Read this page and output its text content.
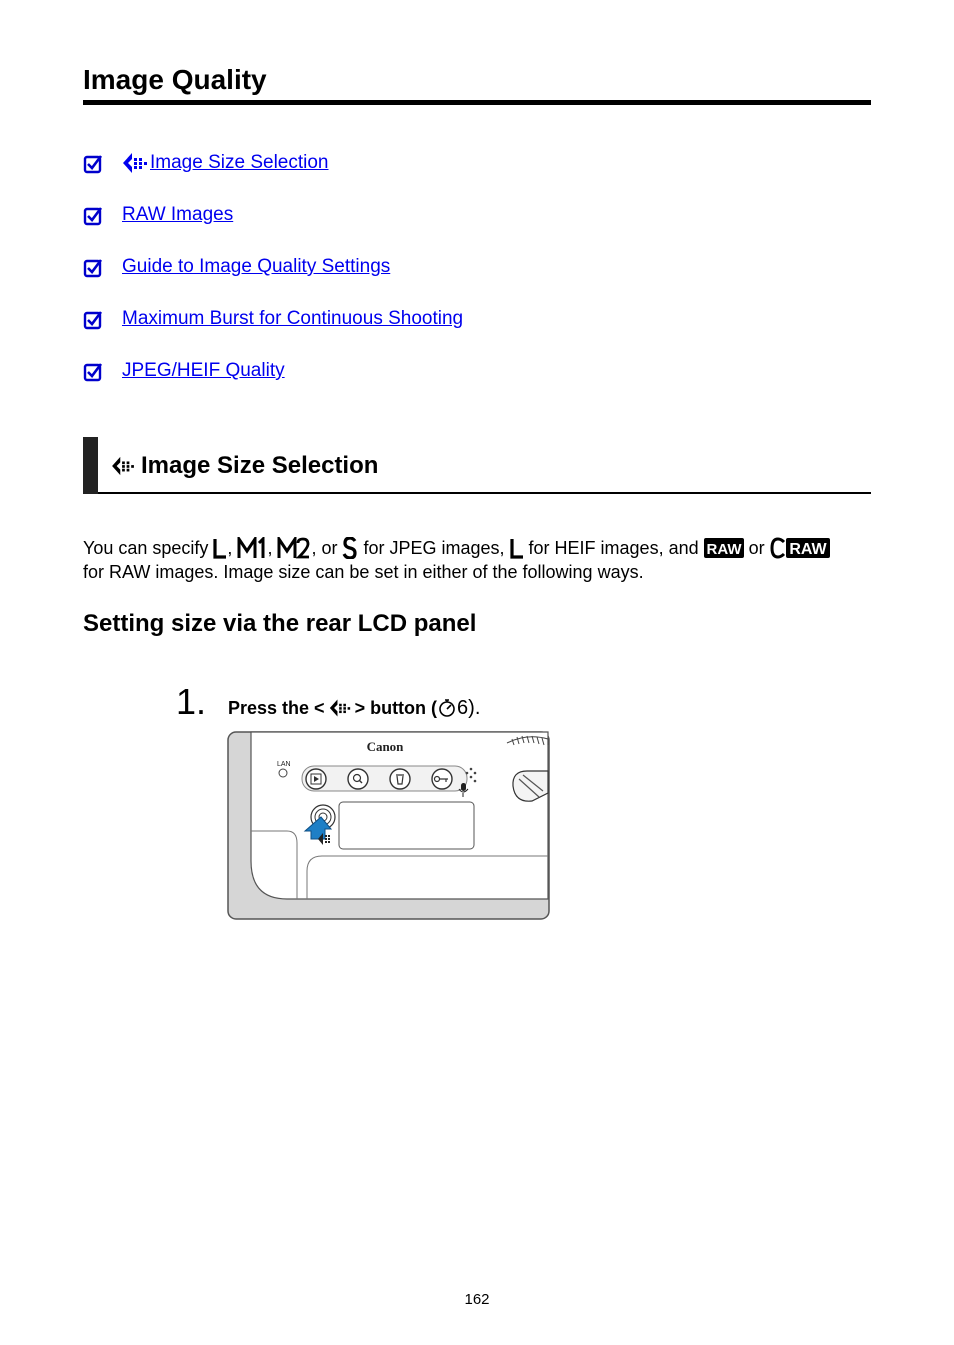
Image Quality
Image Size Selection
RAW Images
Guide to Image Quality Settings
Maximum Burst for Continuous Shooting
JPEG/HEIF Quality
Image Size Selection
You can specify , , , or  for JPEG images,  for HEIF images, and RAW or RAW

for RAW images. Image size can be set in either of the following ways.
Setting size via the rear LCD panel
1. Press the < > button ( 6).
Canon
LAN
162
